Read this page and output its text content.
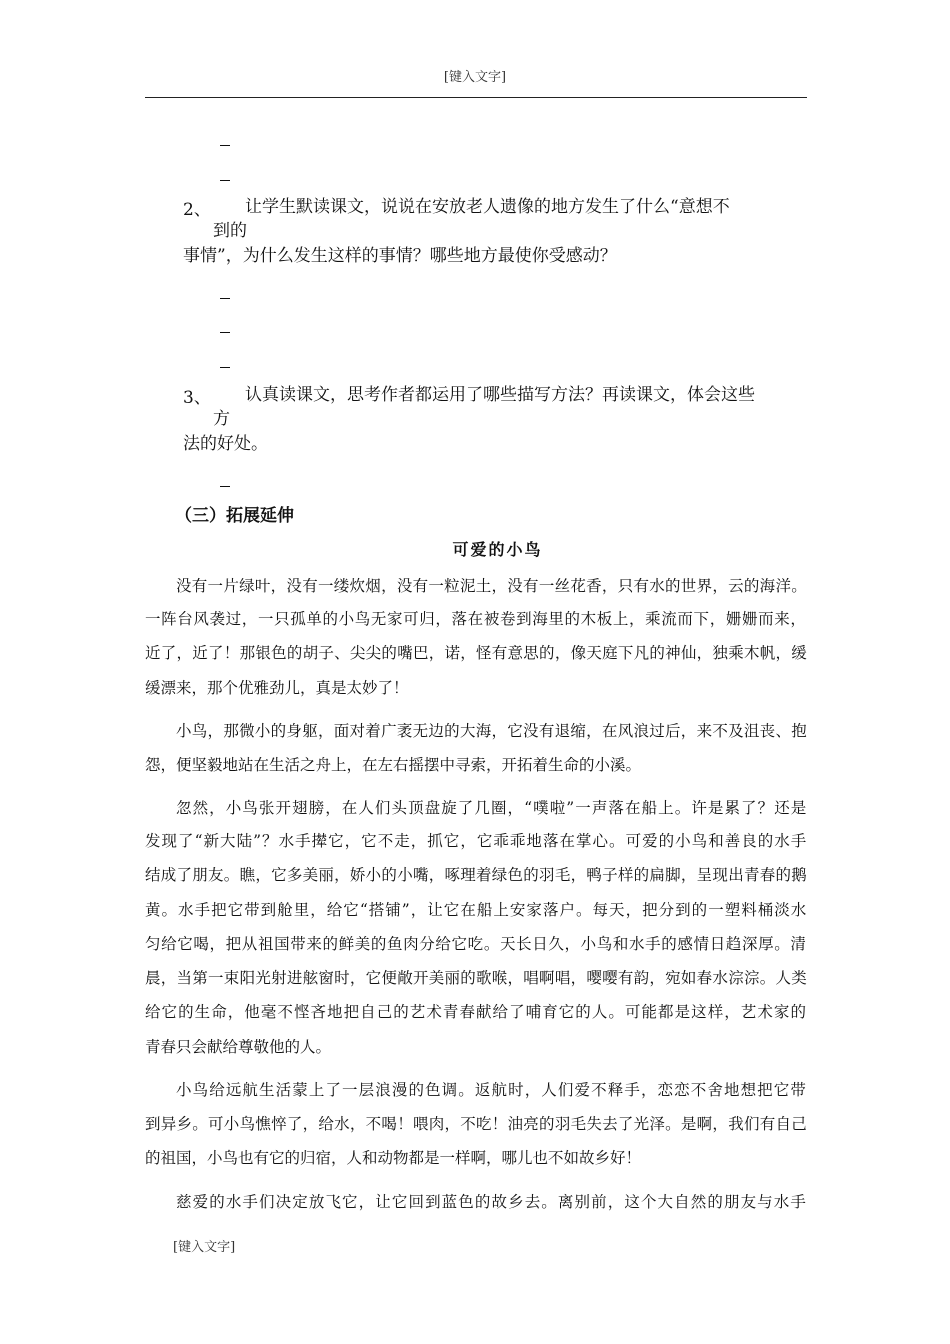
[键入文字]
2、 让学生默读课文，说说在安放老人遗像的地方发生了什么“意想不
到的
事情”，为什么发生这样的事情？哪些地方最使你受感动？
3、 认真读课文，思考作者都运用了哪些描写方法？再读课文，体会这些
方
法的好处。
（三）拓展延伸
可爱的小鸟
没有一片绿叶，没有一缕炊烟，没有一粒泥土，没有一丝花香，只有水的世界，云的海洋。
一阵台风袭过，一只孤单的小鸟无家可归，落在被卷到海里的木板上，乘流而下，姗姗而来，
近了，近了！那银色的胡子、尖尖的嘴巴，诺，怪有意思的，像天庭下凡的神仙，独乘木帆，缓
缓漂来，那个优雅劲儿，真是太妙了！
小鸟，那微小的身躯，面对着广袤无边的大海，它没有退缩，在风浪过后，来不及沮丧、抱
怨，便坚毅地站在生活之舟上，在左右摇摆中寻索，开拓着生命的小溪。
忽然，小鸟张开翅膀，在人们头顶盘旋了几圈，“噗啦”一声落在船上。许是累了？还是
发现了“新大陆”？水手撵它，它不走，抓它，它乖乖地落在掌心。可爱的小鸟和善良的水手
结成了朋友。瞧，它多美丽，娇小的小嘴，啄理着绿色的羽毛，鸭子样的扁脚，呈现出青春的鹅
黄。水手把它带到舱里，给它“搭铺”，让它在船上安家落户。每天，把分到的一塑料桶淡水
匀给它喝，把从祖国带来的鲜美的鱼肉分给它吃。天长日久，小鸟和水手的感情日趋深厚。清
晨，当第一束阳光射进舷窗时，它便敞开美丽的歌喉，唱啊唱，嘤嘤有韵，宛如春水淙淙。人类
给它的生命，他毫不悭吝地把自己的艺术青春献给了哺育它的人。可能都是这样，艺术家的
青春只会献给尊敬他的人。
小鸟给远航生活蒙上了一层浪漫的色调。返航时，人们爱不释手，恋恋不舍地想把它带
到异乡。可小鸟憔悴了，给水，不喝！喂肉，不吃！油亮的羽毛失去了光泽。是啊，我们有自己
的祖国，小鸟也有它的归宿，人和动物都是一样啊，哪儿也不如故乡好！
慈爱的水手们决定放飞它，让它回到蓝色的故乡去。离别前，这个大自然的朋友与水手
[键入文字]
